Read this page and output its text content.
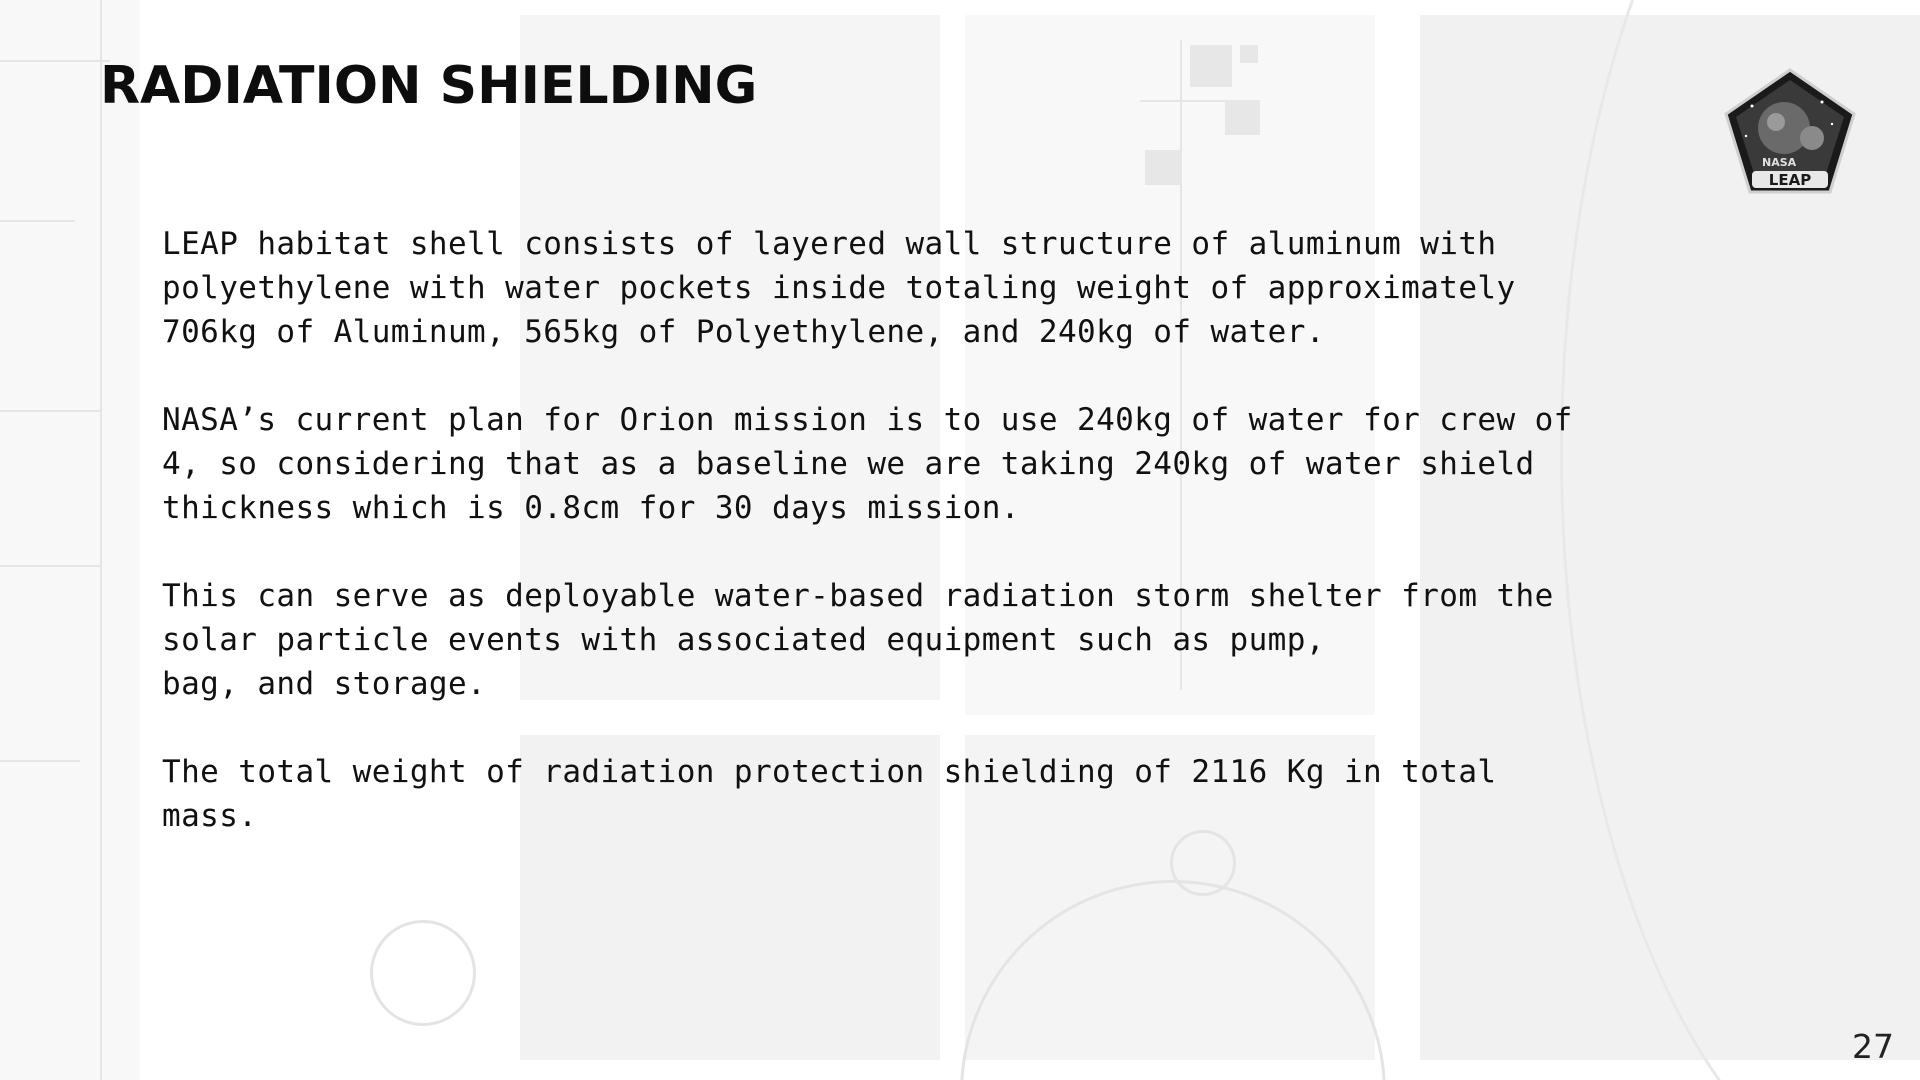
RADIATION SHIELDING

LEAP habitat shell consists of layered wall structure of aluminum with
polyethylene with water pockets inside totaling weight of approximately
706kg of Aluminum, 565kg of Polyethylene, and 240kg of water.

NASA’s current plan for Orion mission is to use 240kg of water for crew of
4, so considering that as a baseline we are taking 240kg of water shield
thickness which is 0.8cm for 30 days mission.

This can serve as deployable water-based radiation storm shelter from the
solar particle events with associated equipment such as pump,
bag, and storage.

The total weight of radiation protection shielding of 2116 Kg in total
mass.

NASA
LEAP
27
